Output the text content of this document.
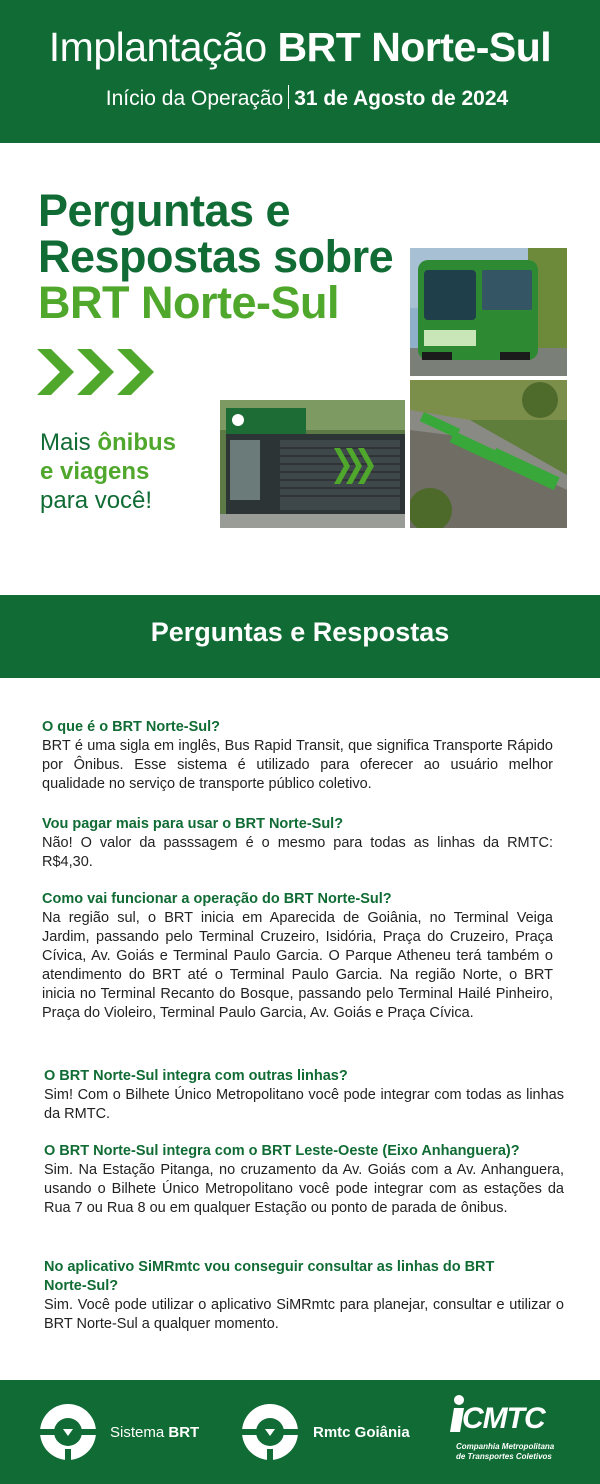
Implantação BRT Norte-Sul
Início da Operação 31 de Agosto de 2024
Perguntas e
Respostas sobre
BRT Norte-Sul
Mais ônibus
e viagens
para você!
Perguntas e Respostas
O que é o BRT Norte-Sul?
BRT é uma sigla em inglês, Bus Rapid Transit, que significa Transporte Rápido por Ônibus. Esse sistema é utilizado para oferecer ao usuário melhor qualidade no serviço de transporte público coletivo.
Vou pagar mais para usar o BRT Norte-Sul?
Não! O valor da passsagem é o mesmo para todas as linhas da RMTC: R$4,30.
Como vai funcionar a operação do BRT Norte-Sul?
Na região sul, o BRT inicia em Aparecida de Goiânia, no Terminal Veiga Jardim, passando pelo Terminal Cruzeiro, Isidória, Praça do Cruzeiro, Praça Cívica, Av. Goiás e Terminal Paulo Garcia. O Parque Atheneu terá também o atendimento do BRT até o Terminal Paulo Garcia. Na região Norte, o BRT inicia no Terminal Recanto do Bosque, passando pelo Terminal Hailé Pinheiro, Praça do Violeiro, Terminal Paulo Garcia, Av. Goiás e Praça Cívica.
O BRT Norte-Sul integra com outras linhas?
Sim! Com o Bilhete Único Metropolitano você pode integrar com todas as linhas da RMTC.
O BRT Norte-Sul integra com o BRT Leste-Oeste (Eixo Anhanguera)?
Sim. Na Estação Pitanga, no cruzamento da Av. Goiás com a Av. Anhanguera, usando o Bilhete Único Metropolitano você pode integrar com as estações da Rua 7 ou Rua 8 ou em qualquer Estação ou ponto de parada de ônibus.
No aplicativo SiMRmtc vou conseguir consultar as linhas do BRT Norte-Sul?
Sim. Você pode utilizar o aplicativo SiMRmtc para planejar, consultar e utilizar o BRT Norte-Sul a qualquer momento.
Sistema BRT	Rmtc Goiânia CMTC
Companhia Metropolitana
de Transportes Coletivos
